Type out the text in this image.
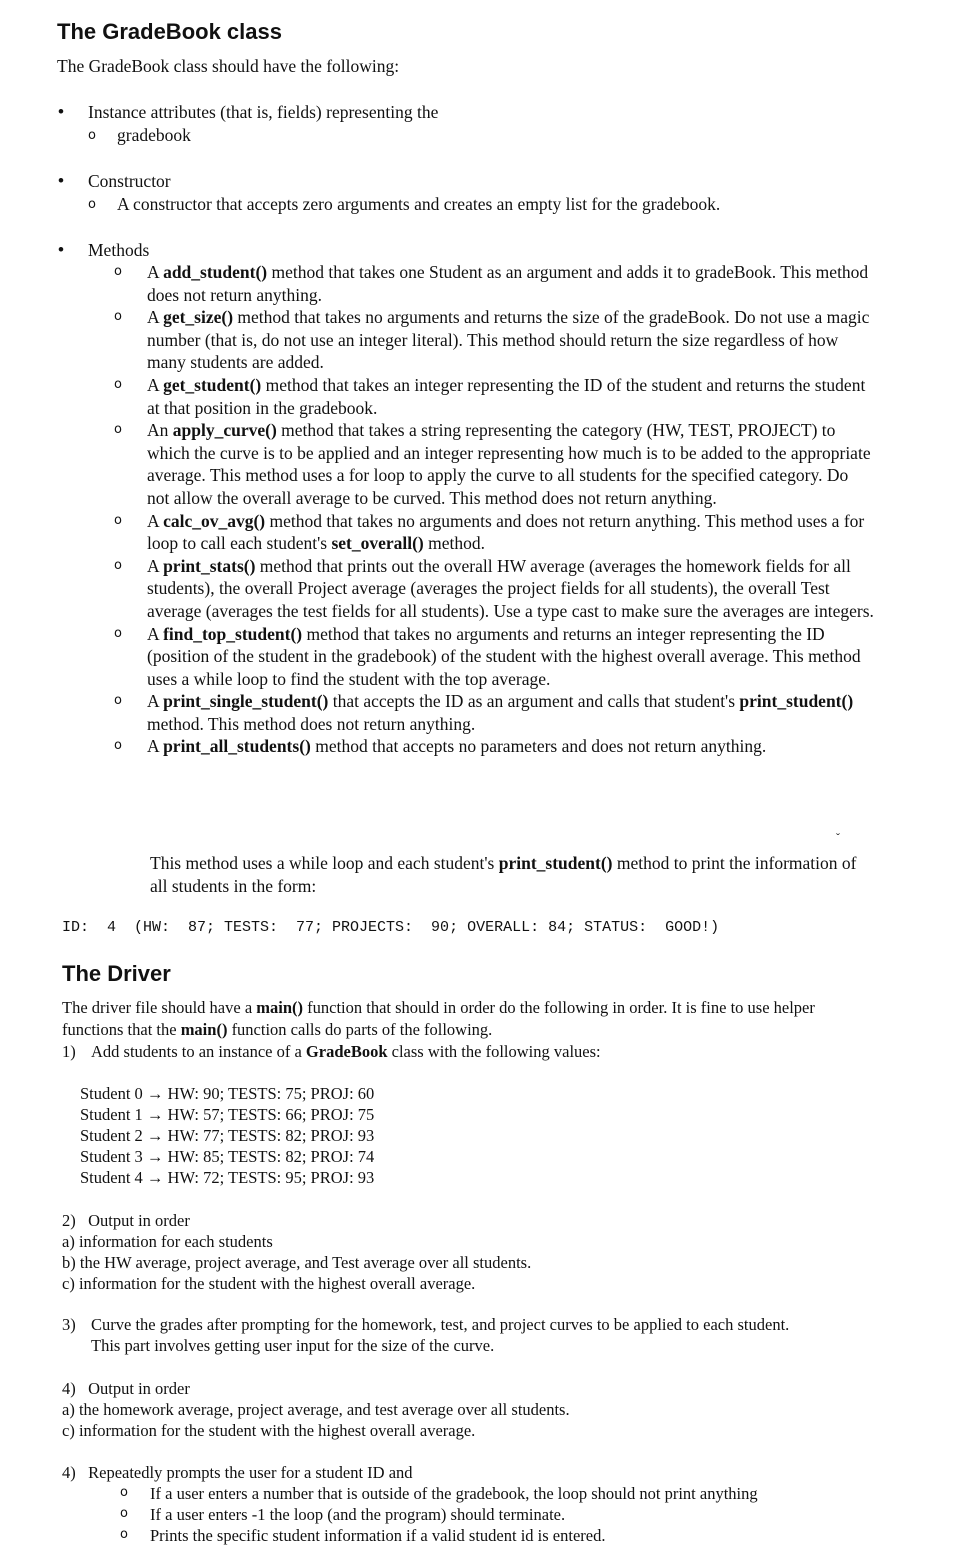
The GradeBook class
The GradeBook class should have the following:
• Instance attributes (that is, fields) representing the
o gradebook
• Constructor
o A constructor that accepts zero arguments and creates an empty list for the gradebook.
• Methods
o A add_student() method that takes one Student as an argument and adds it to gradeBook. This method does not return anything.
o A get_size() method that takes no arguments and returns the size of the gradeBook. Do not use a magic number (that is, do not use an integer literal). This method should return the size regardless of how many students are added.
o A get_student() method that takes an integer representing the ID of the student and returns the student at that position in the gradebook.
o An apply_curve() method that takes a string representing the category (HW, TEST, PROJECT) to which the curve is to be applied and an integer representing how much is to be added to the appropriate average. This method uses a for loop to apply the curve to all students for the specified category. Do not allow the overall average to be curved. This method does not return anything.
o A calc_ov_avg() method that takes no arguments and does not return anything. This method uses a for loop to call each student's set_overall() method.
o A print_stats() method that prints out the overall HW average (averages the homework fields for all students), the overall Project average (averages the project fields for all students), the overall Test average (averages the test fields for all students). Use a type cast to make sure the averages are integers.
o A find_top_student() method that takes no arguments and returns an integer representing the ID (position of the student in the gradebook) of the student with the highest overall average. This method uses a while loop to find the student with the top average.
o A print_single_student() that accepts the ID as an argument and calls that student's print_student() method. This method does not return anything.
o A print_all_students() method that accepts no parameters and does not return anything.
ˇ
This method uses a while loop and each student's print_student() method to print the information of all students in the form:
ID:  4  (HW:  87; TESTS:  77; PROJECTS:  90; OVERALL: 84; STATUS:  GOOD!)
The Driver
The driver file should have a main() function that should in order do the following in order. It is fine to use helper functions that the main() function calls do parts of the following.
1) Add students to an instance of a GradeBook class with the following values:
Student 0 → HW: 90; TESTS: 75; PROJ: 60
Student 1 → HW: 57; TESTS: 66; PROJ: 75
Student 2 → HW: 77; TESTS: 82; PROJ: 93
Student 3 → HW: 85; TESTS: 82; PROJ: 74
Student 4 → HW: 72; TESTS: 95; PROJ: 93
2) Output in order
a) information for each students
b) the HW average, project average, and Test average over all students.
c) information for the student with the highest overall average.
3) Curve the grades after prompting for the homework, test, and project curves to be applied to each student.
This part involves getting user input for the size of the curve.
4) Output in order
a) the homework average, project average, and test average over all students.
c) information for the student with the highest overall average.
4) Repeatedly prompts the user for a student ID and
o If a user enters a number that is outside of the gradebook, the loop should not print anything
o If a user enters -1 the loop (and the program) should terminate.
o Prints the specific student information if a valid student id is entered.
